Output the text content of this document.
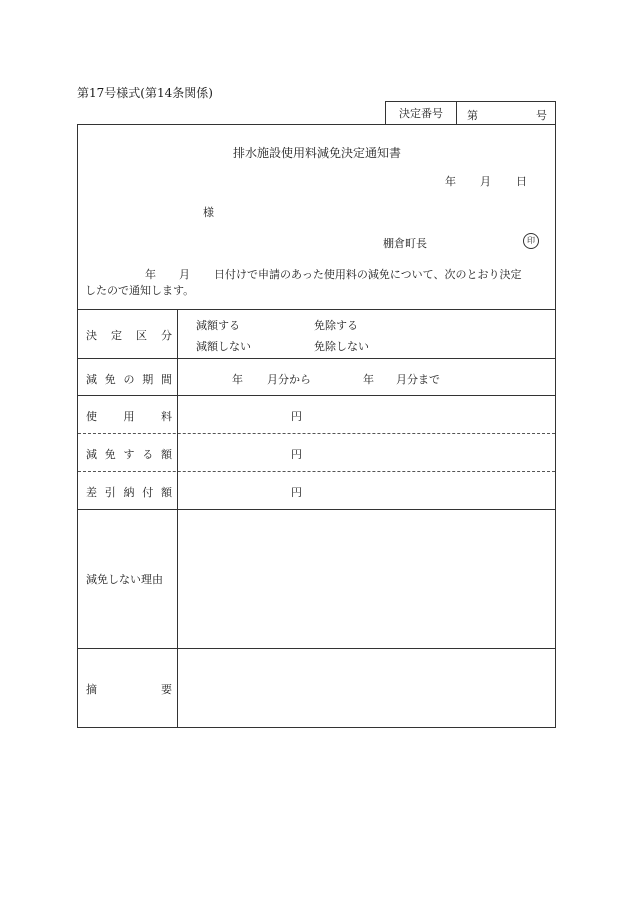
第17号様式(第14条関係)
決定番号	第	号
排水施設使用料減免決定通知書
年 月 日
様
棚倉町長	印
年 月 日付けで申請のあった使用料の減免について、次のとおり決定
したので通知します。
決 定 区 分
減額する	免除する
減額しない	免除しない
減 免 の 期 間	年 月分から	年 月分まで
使 用 料	円
減 免 す る 額	円
差 引 納 付 額	円
減免しない理由
摘	要
